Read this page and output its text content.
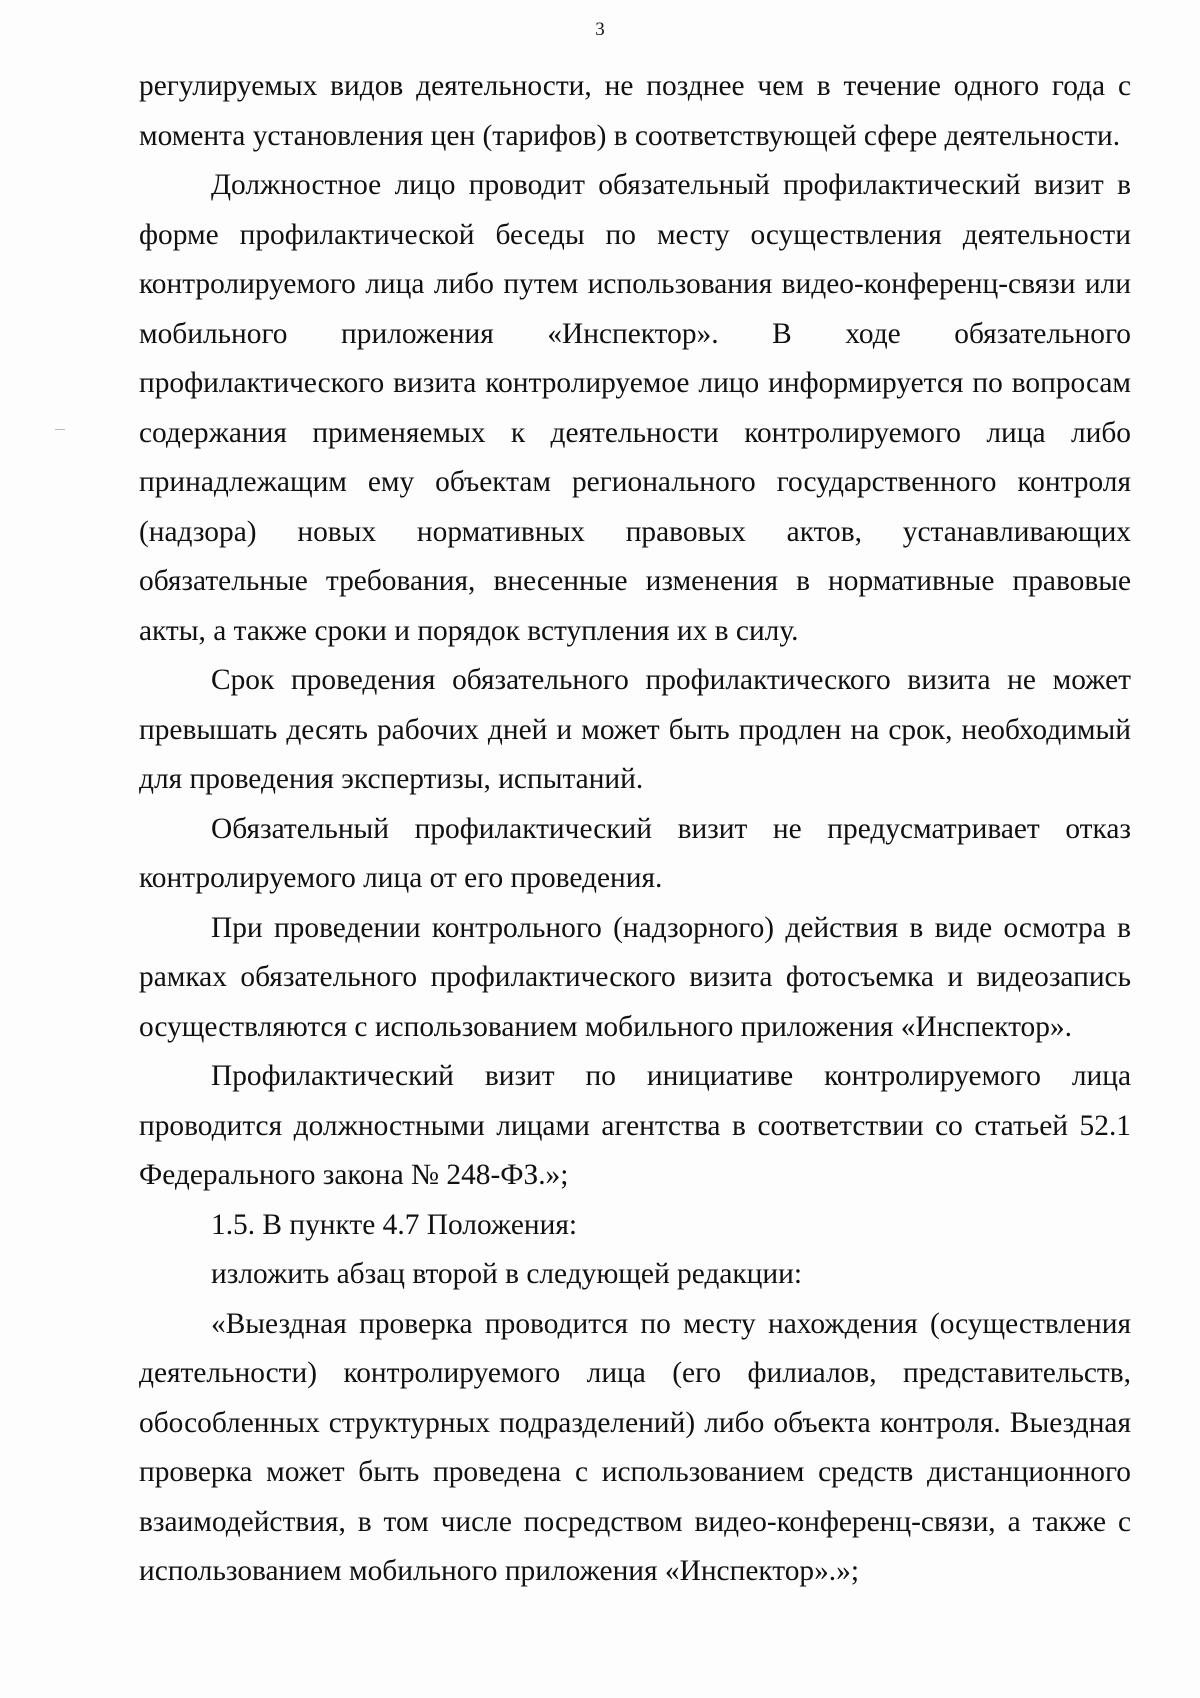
3

регулируемых видов деятельности, не позднее чем в течение одного года с момента установления цен (тарифов) в соответствующей сфере деятельности.

Должностное лицо проводит обязательный профилактический визит в форме профилактической беседы по месту осуществления деятельности контролируемого лица либо путем использования видео-конференц-связи или мобильного приложения «Инспектор». В ходе обязательного профилактического визита контролируемое лицо информируется по вопросам содержания применяемых к деятельности контролируемого лица либо принадлежащим ему объектам регионального государственного контроля (надзора) новых нормативных правовых актов, устанавливающих обязательные требования, внесенные изменения в нормативные правовые акты, а также сроки и порядок вступления их в силу.

Срок проведения обязательного профилактического визита не может превышать десять рабочих дней и может быть продлен на срок, необходимый для проведения экспертизы, испытаний.

Обязательный профилактический визит не предусматривает отказ контролируемого лица от его проведения.

При проведении контрольного (надзорного) действия в виде осмотра в рамках обязательного профилактического визита фотосъемка и видеозапись осуществляются с использованием мобильного приложения «Инспектор».

Профилактический визит по инициативе контролируемого лица проводится должностными лицами агентства в соответствии со статьей 52.1 Федерального закона № 248-ФЗ.»;

1.5. В пункте 4.7 Положения:

изложить абзац второй в следующей редакции:

«Выездная проверка проводится по месту нахождения (осуществления деятельности) контролируемого лица (его филиалов, представительств, обособленных структурных подразделений) либо объекта контроля. Выездная проверка может быть проведена с использованием средств дистанционного взаимодействия, в том числе посредством видео-конференц-связи, а также с использованием мобильного приложения «Инспектор».»;
